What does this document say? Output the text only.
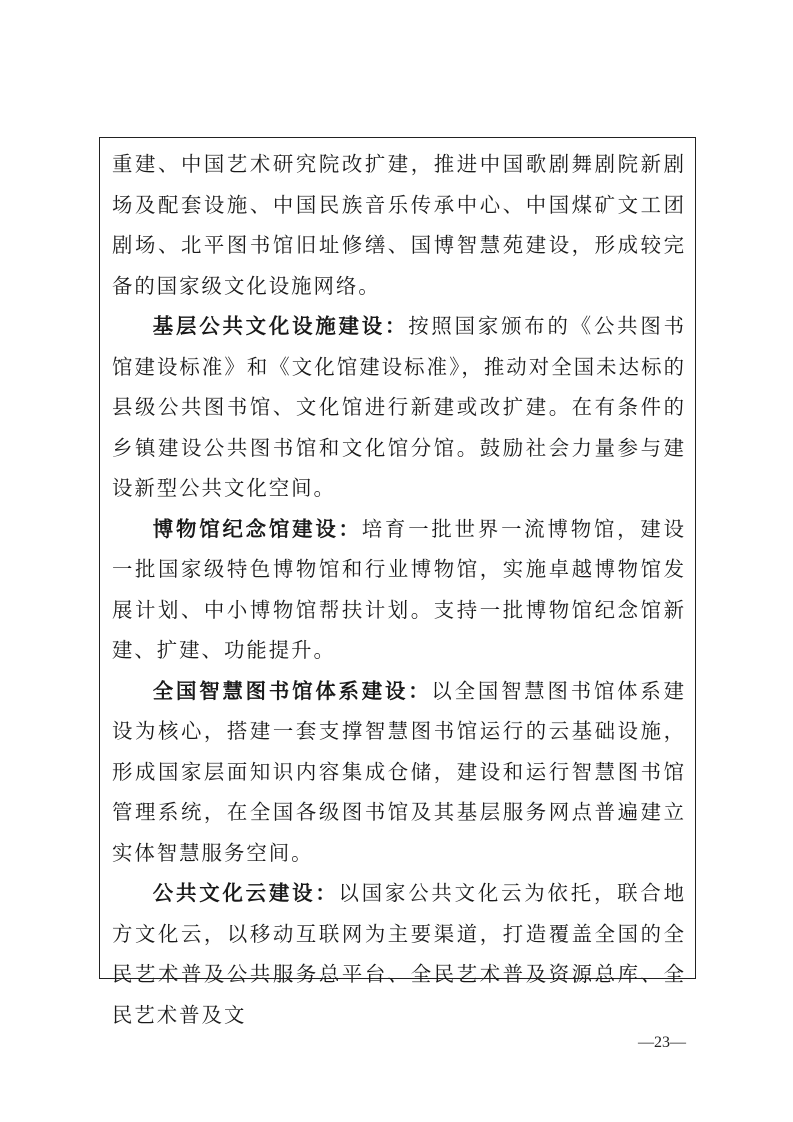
重建、中国艺术研究院改扩建，推进中国歌剧舞剧院新剧场及配套设施、中国民族音乐传承中心、中国煤矿文工团剧场、北平图书馆旧址修缮、国博智慧苑建设，形成较完备的国家级文化设施网络。

基层公共文化设施建设：按照国家颁布的《公共图书馆建设标准》和《文化馆建设标准》，推动对全国未达标的县级公共图书馆、文化馆进行新建或改扩建。在有条件的乡镇建设公共图书馆和文化馆分馆。鼓励社会力量参与建设新型公共文化空间。

博物馆纪念馆建设：培育一批世界一流博物馆，建设一批国家级特色博物馆和行业博物馆，实施卓越博物馆发展计划、中小博物馆帮扶计划。支持一批博物馆纪念馆新建、扩建、功能提升。

全国智慧图书馆体系建设：以全国智慧图书馆体系建设为核心，搭建一套支撑智慧图书馆运行的云基础设施，形成国家层面知识内容集成仓储，建设和运行智慧图书馆管理系统，在全国各级图书馆及其基层服务网点普遍建立实体智慧服务空间。

公共文化云建设：以国家公共文化云为依托，联合地方文化云，以移动互联网为主要渠道，打造覆盖全国的全民艺术普及公共服务总平台、全民艺术普及资源总库、全民艺术普及文

—23—
